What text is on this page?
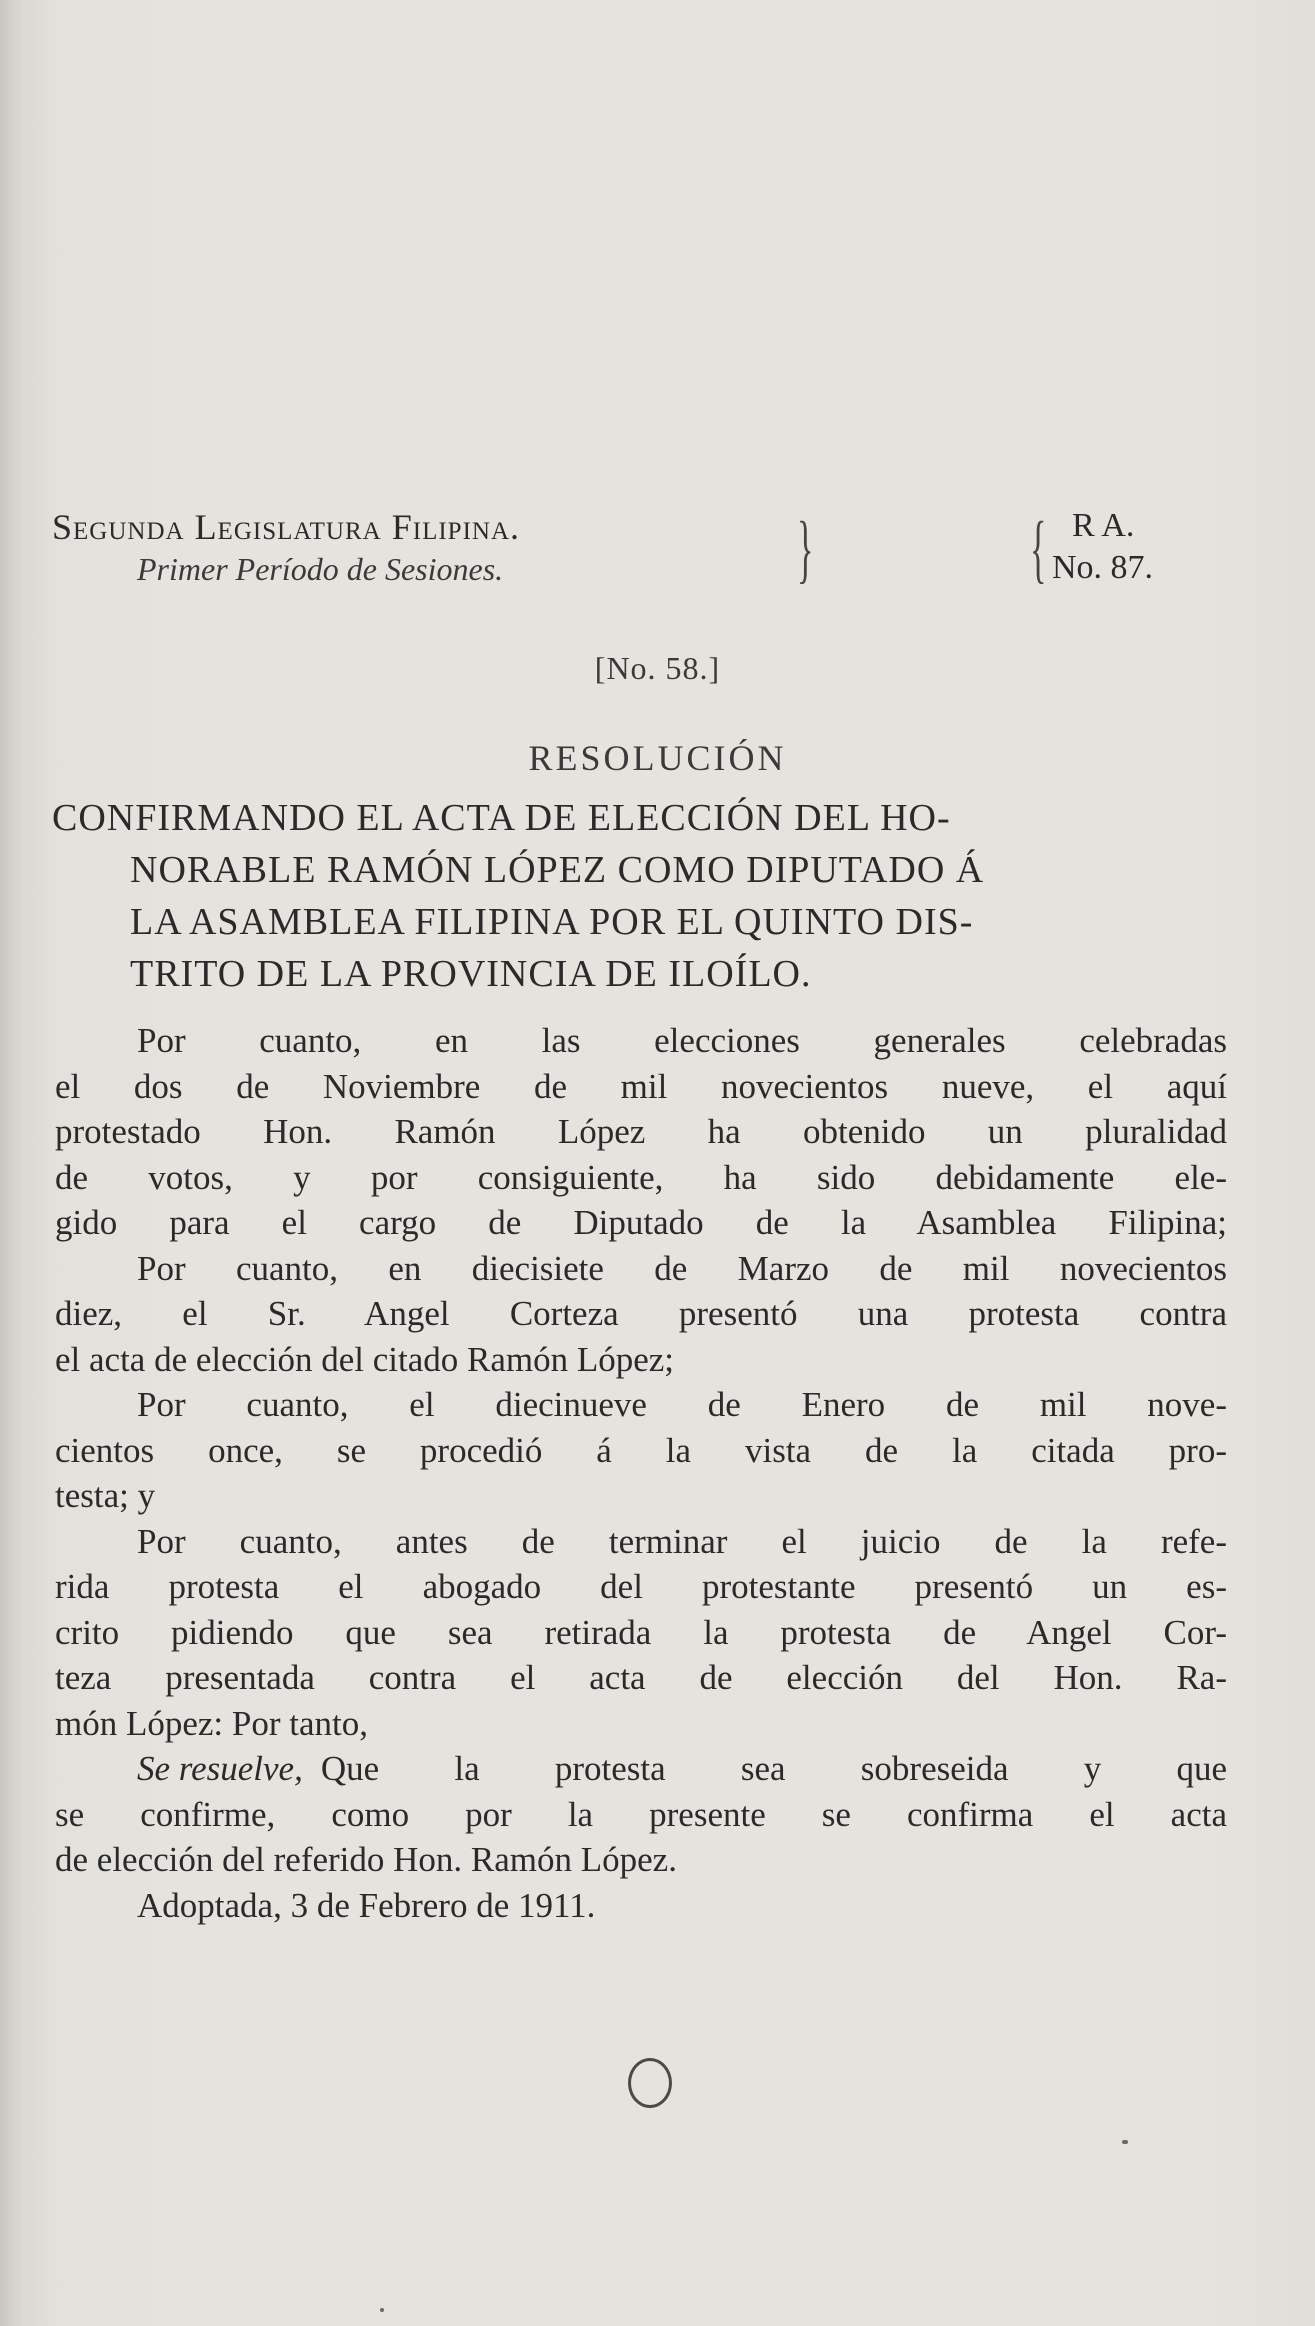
Segunda Legislatura Filipina.
Primer Período de Sesiones.	}	{ R A.
No. 87.
[No. 58.]
RESOLUCIÓN
CONFIRMANDO EL ACTA DE ELECCIÓN DEL HO-
NORABLE RAMÓN LÓPEZ COMO DIPUTADO Á
LA ASAMBLEA FILIPINA POR EL QUINTO DIS-
TRITO DE LA PROVINCIA DE ILOÍLO.
Por cuanto, en las elecciones generales celebradas
el dos de Noviembre de mil novecientos nueve, el aquí
protestado Hon. Ramón López ha obtenido un pluralidad
de votos, y por consiguiente, ha sido debidamente ele-
gido para el cargo de Diputado de la Asamblea Filipina;
Por cuanto, en diecisiete de Marzo de mil novecientos
diez, el Sr. Angel Corteza presentó una protesta contra
el acta de elección del citado Ramón López;
Por cuanto, el diecinueve de Enero de mil nove-
cientos once, se procedió á la vista de la citada pro-
testa; y
Por cuanto, antes de terminar el juicio de la refe-
rida protesta el abogado del protestante presentó un es-
crito pidiendo que sea retirada la protesta de Angel Cor-
teza presentada contra el acta de elección del Hon. Ra-
món López: Por tanto,
Se resuelve, Que la protesta sea sobreseida y que
se confirme, como por la presente se confirma el acta
de elección del referido Hon. Ramón López.
Adoptada, 3 de Febrero de 1911.
